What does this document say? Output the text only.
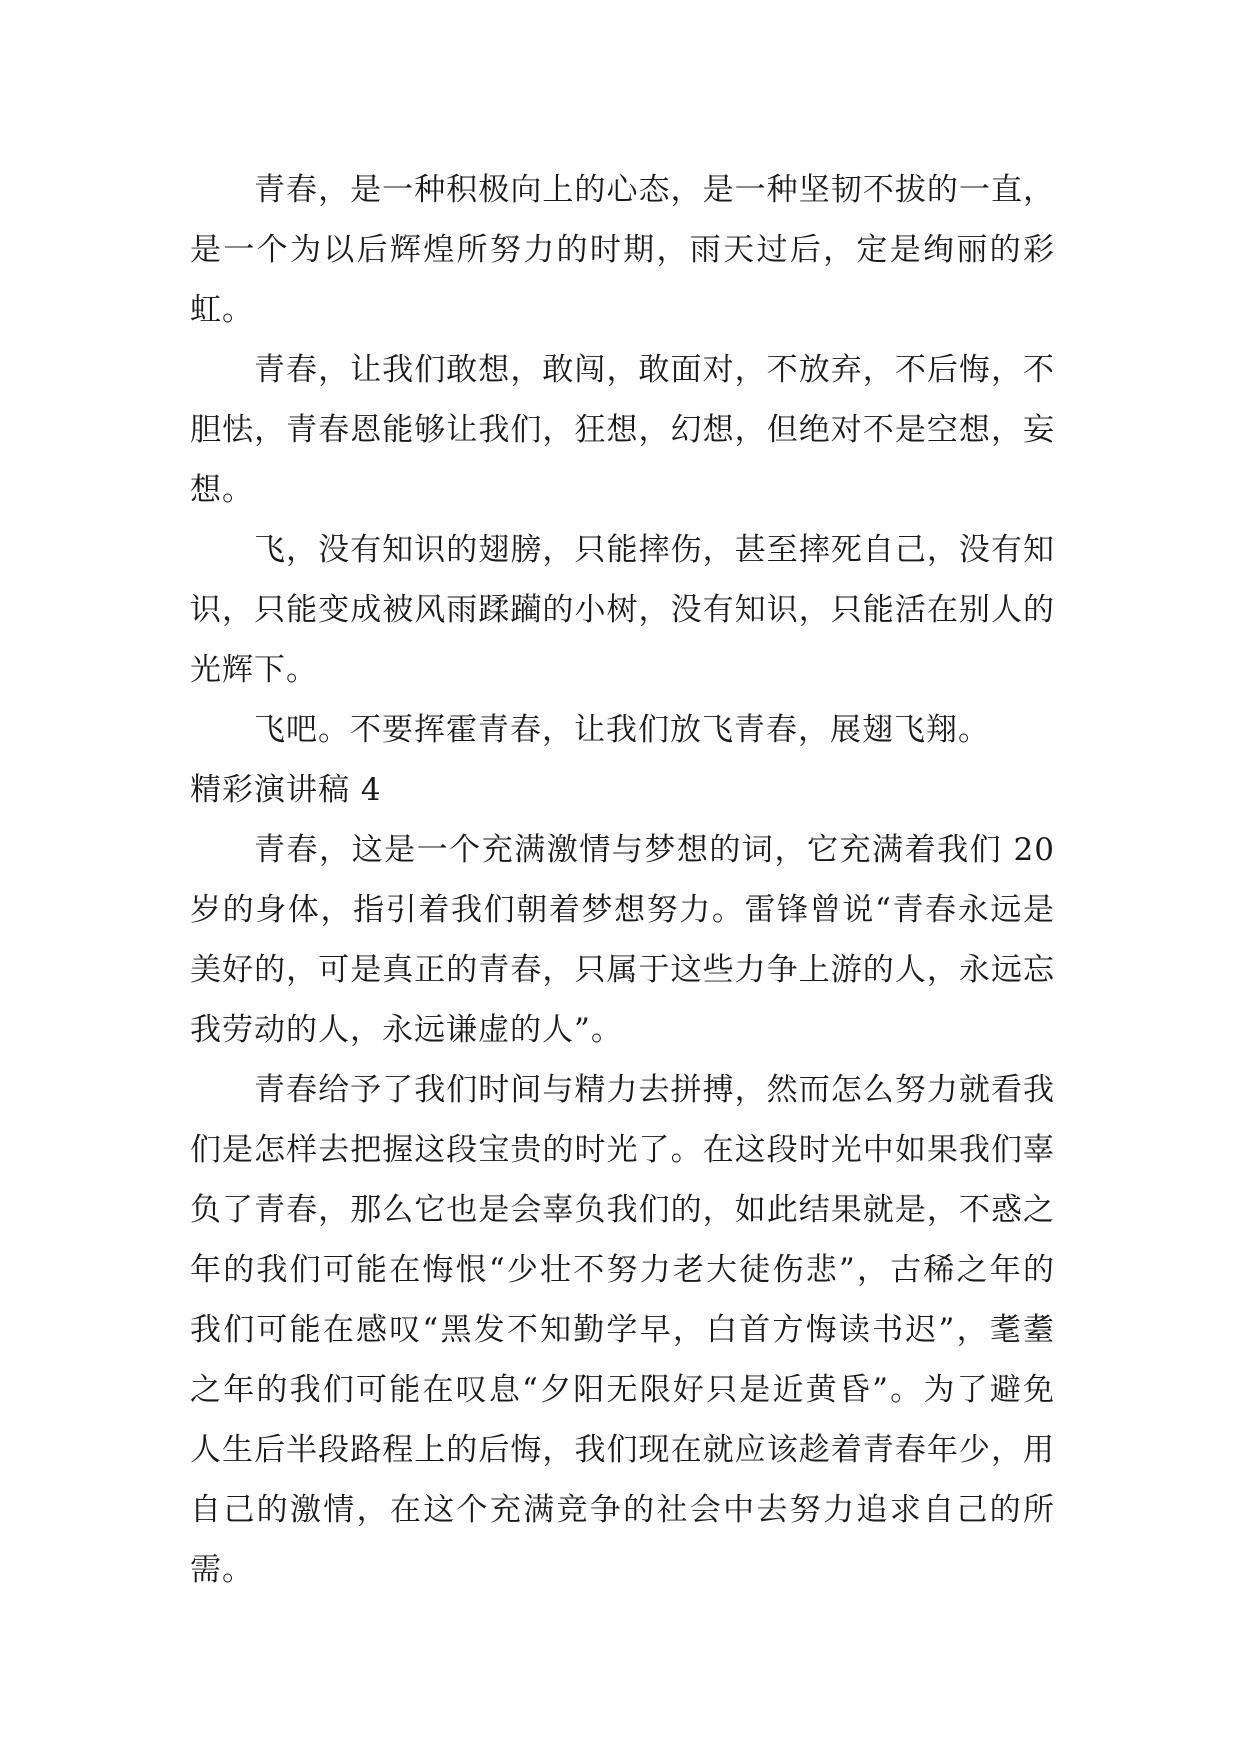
青春，是一种积极向上的心态，是一种坚韧不拔的一直，是一个为以后辉煌所努力的时期，雨天过后，定是绚丽的彩虹。

青春，让我们敢想，敢闯，敢面对，不放弃，不后悔，不胆怯，青春恩能够让我们，狂想，幻想，但绝对不是空想，妄想。

飞，没有知识的翅膀，只能摔伤，甚至摔死自己，没有知识，只能变成被风雨蹂躏的小树，没有知识，只能活在别人的光辉下。

飞吧。不要挥霍青春，让我们放飞青春，展翅飞翔。

精彩演讲稿 4

青春，这是一个充满激情与梦想的词，它充满着我们 20 岁的身体，指引着我们朝着梦想努力。雷锋曾说“青春永远是美好的，可是真正的青春，只属于这些力争上游的人，永远忘我劳动的人，永远谦虚的人”。

青春给予了我们时间与精力去拼搏，然而怎么努力就看我们是怎样去把握这段宝贵的时光了。在这段时光中如果我们辜负了青春，那么它也是会辜负我们的，如此结果就是，不惑之年的我们可能在悔恨“少壮不努力老大徒伤悲”，古稀之年的我们可能在感叹“黑发不知勤学早，白首方悔读书迟”，耄耋之年的我们可能在叹息“夕阳无限好只是近黄昏”。为了避免人生后半段路程上的后悔，我们现在就应该趁着青春年少，用自己的激情，在这个充满竞争的社会中去努力追求自己的所需。
